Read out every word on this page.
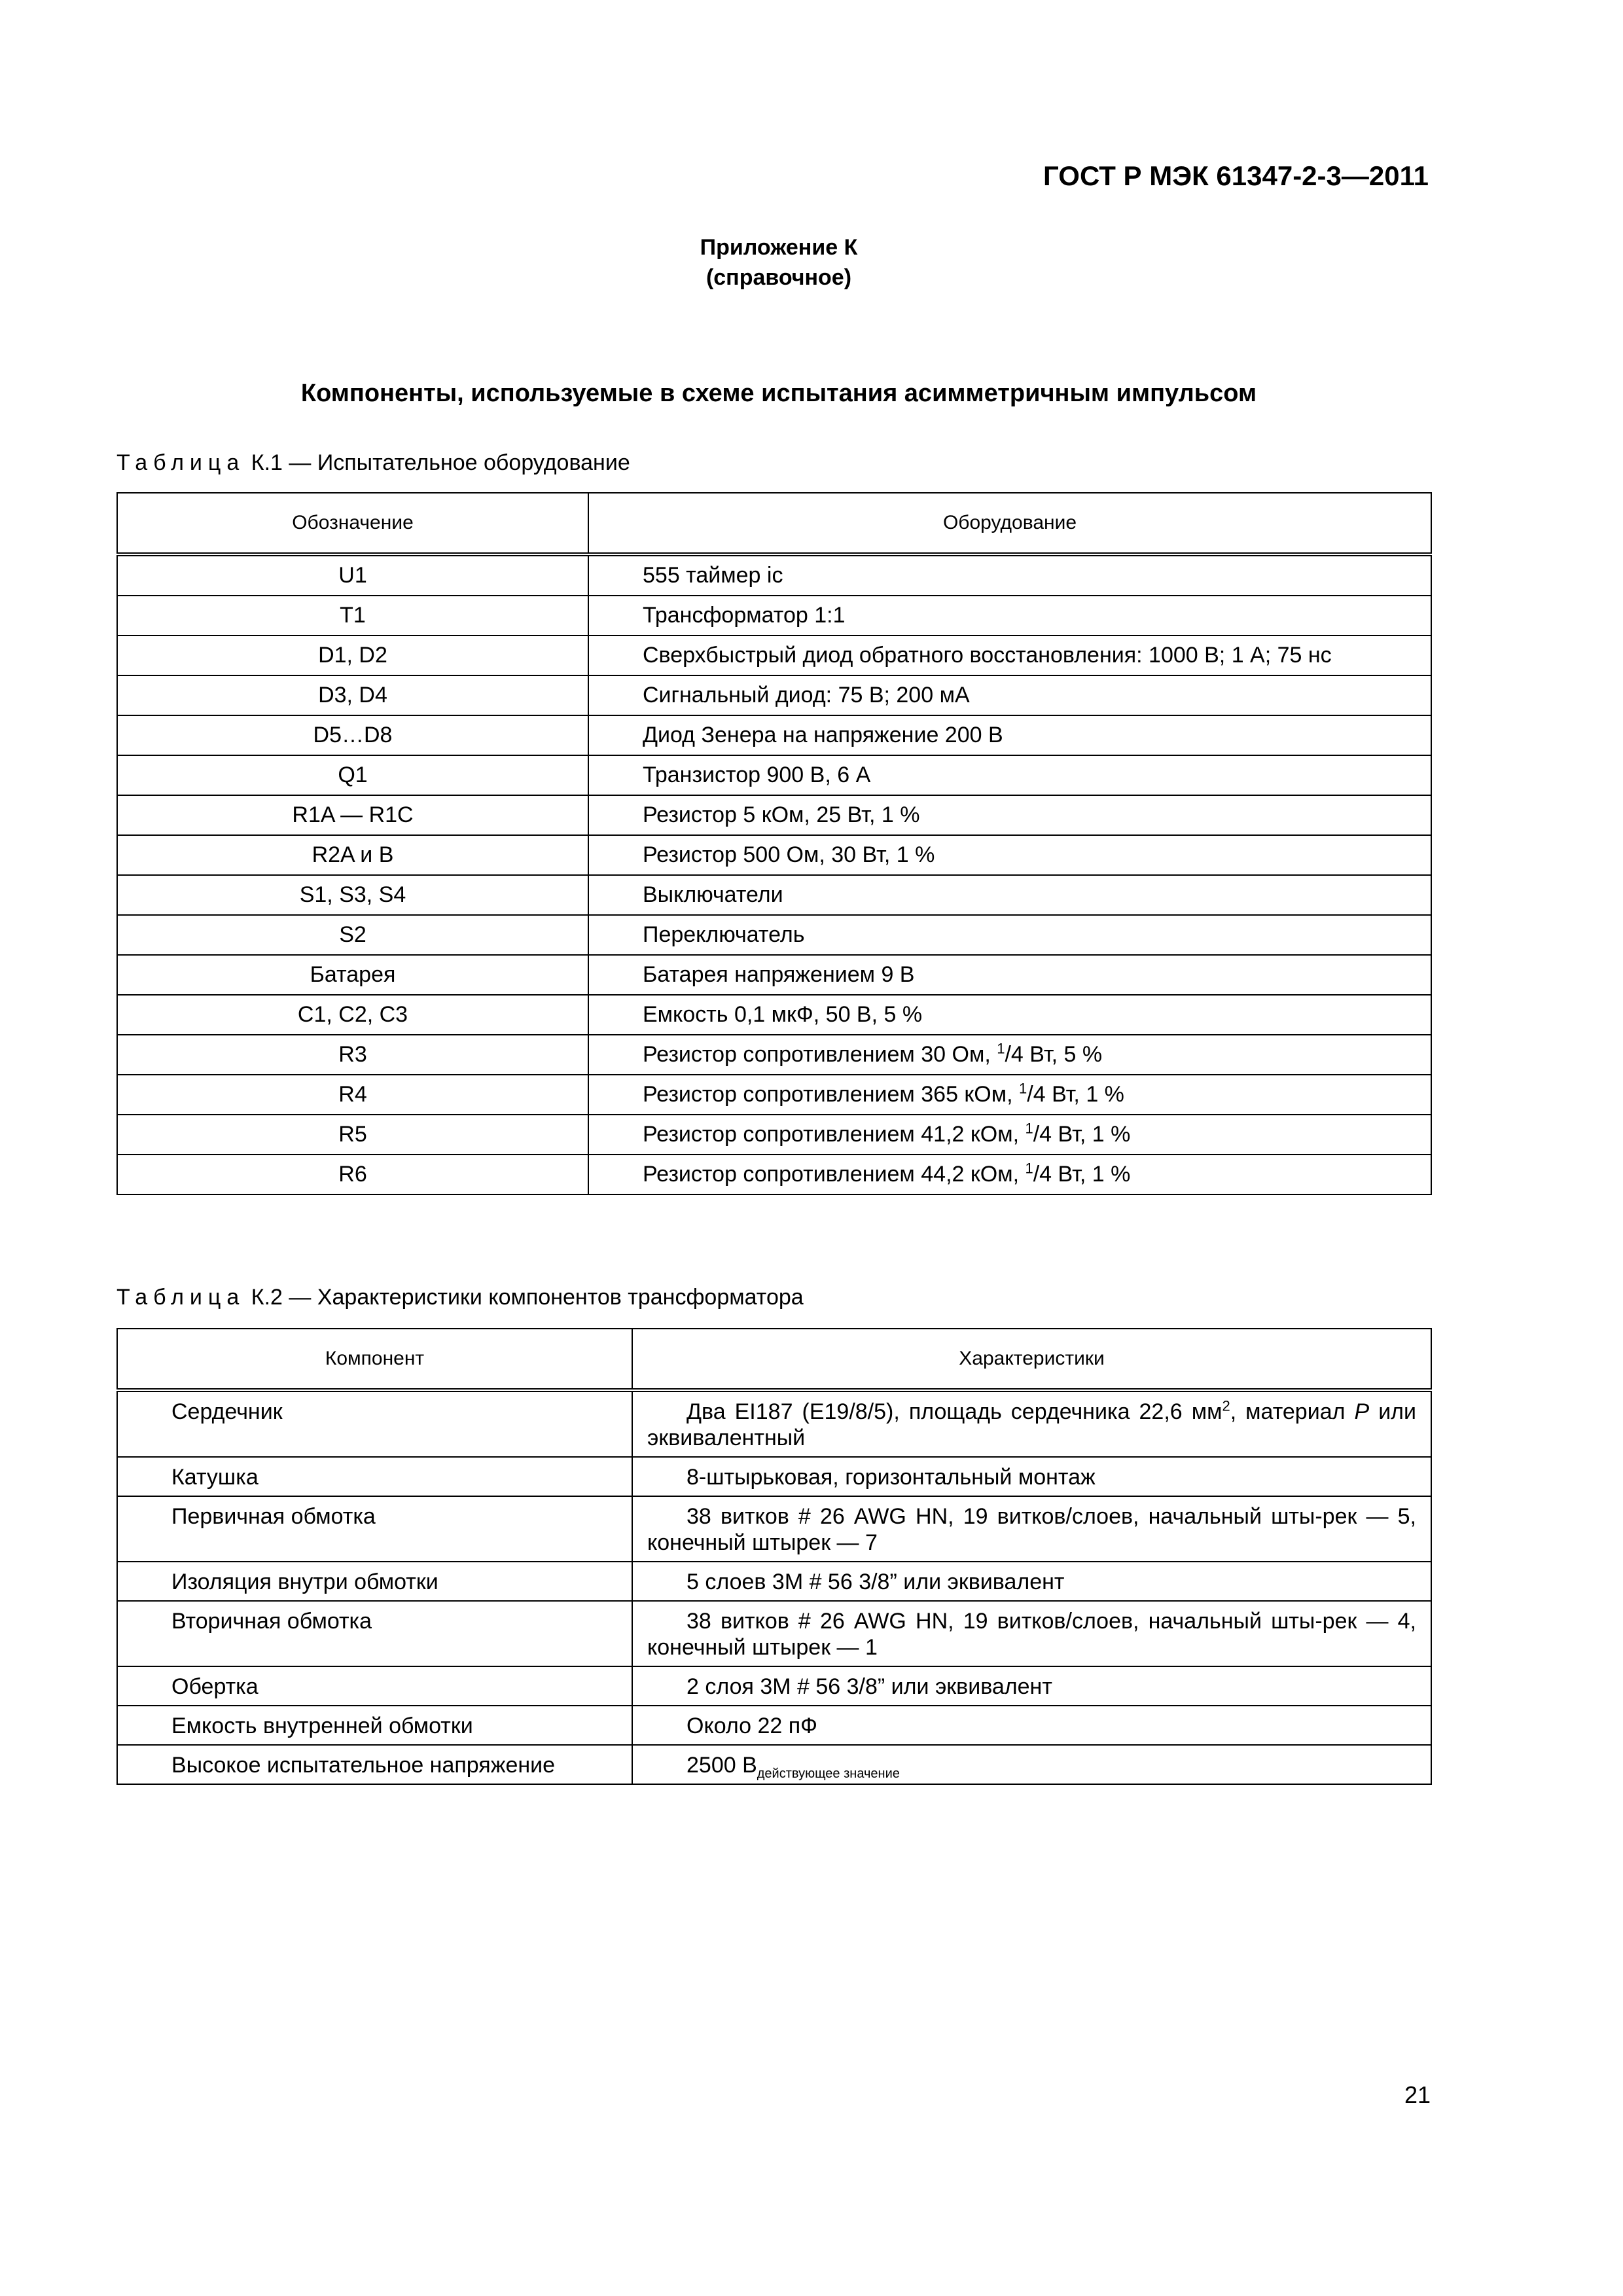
ГОСТ Р МЭК 61347-2-3—2011
Приложение К
(справочное)
Компоненты, используемые в схеме испытания асимметричным импульсом
Таблица К.1 — Испытательное оборудование
Обозначение	Оборудование
U1	555 таймер ic
T1	Трансформатор 1:1
D1, D2	Сверхбыстрый диод обратного восстановления: 1000 В; 1 А; 75 нс
D3, D4	Сигнальный диод: 75 В; 200 мА
D5…D8	Диод Зенера на напряжение 200 В
Q1	Транзистор 900 В, 6 А
R1A — R1C	Резистор 5 кОм, 25 Вт, 1 %
R2A и B	Резистор 500 Ом, 30 Вт, 1 %
S1, S3, S4	Выключатели
S2	Переключатель
Батарея	Батарея напряжением 9 В
C1, C2, C3	Емкость 0,1 мкФ, 50 В, 5 %
R3	Резистор сопротивлением 30 Ом, $^1$/4 Вт, 5 %
R4	Резистор сопротивлением 365 кОм, $^1$/4 Вт, 1 %
R5	Резистор сопротивлением 41,2 кОм, $^1$/4 Вт, 1 %
R6	Резистор сопротивлением 44,2 кОм, $^1$/4 Вт, 1 %
Таблица К.2 — Характеристики компонентов трансформатора
Компонент	Характеристики
Сердечник	Два EI187 (E19/8/5), площадь сердечника 22,6 $мм^2$, материал P или эквивалентный
Катушка	8-штырьковая, горизонтальный монтаж
Первичная обмотка	38 витков # 26 AWG HN, 19 витков/слоев, начальный шты-рек — 5, конечный штырек — 7
Изоляция внутри обмотки	5 слоев 3M # 56 3/8” или эквивалент
Вторичная обмотка	38 витков # 26 AWG HN, 19 витков/слоев, начальный шты-рек — 4, конечный штырек — 1
Обертка	2 слоя 3M # 56 3/8” или эквивалент
Емкость внутренней обмотки	Около 22 пФ
Высокое испытательное напряжение	2500 $В_{действующее значение}$
21
